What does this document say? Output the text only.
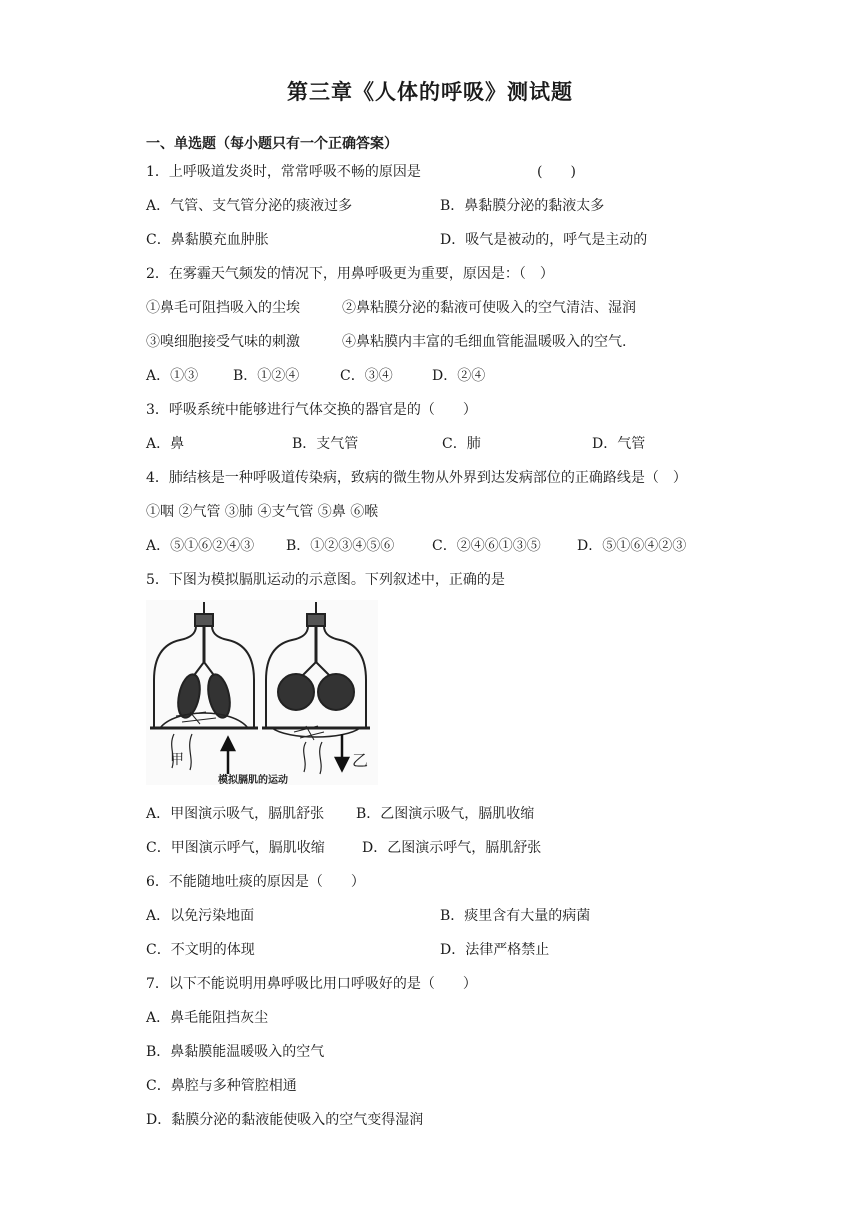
第三章《人体的呼吸》测试题
一、单选题（每小题只有一个正确答案）
1．上呼吸道发炎时，常常呼吸不畅的原因是	(　　)
A．气管、支气管分泌的痰液过多	B．鼻黏膜分泌的黏液太多
C．鼻黏膜充血肿胀	D．吸气是被动的，呼气是主动的
2．在雾霾天气频发的情况下，用鼻呼吸更为重要，原因是：（　）
①鼻毛可阻挡吸入的尘埃	②鼻粘膜分泌的黏液可使吸入的空气清洁、湿润
③嗅细胞接受气味的刺激	④鼻粘膜内丰富的毛细血管能温暖吸入的空气.
A．①③ B．①②④	C．③④	D．②④
3．呼吸系统中能够进行气体交换的器官是的（　　）
A．鼻	B．支气管	C．肺	D．气管
4．肺结核是一种呼吸道传染病，致病的微生物从外界到达发病部位的正确路线是（　）
①咽 ②气管 ③肺 ④支气管 ⑤鼻 ⑥喉
A．⑤①⑥②④③ B．①②③④⑤⑥	C．②④⑥①③⑤	D．⑤①⑥④②③
5．下图为模拟膈肌运动的示意图。下列叙述中，正确的是
甲	乙
模拟膈肌的运动
A．甲图演示吸气，膈肌舒张 B．乙图演示吸气，膈肌收缩
C．甲图演示呼气，膈肌收缩	D．乙图演示呼气，膈肌舒张
6．不能随地吐痰的原因是（　　）
A．以免污染地面	B．痰里含有大量的病菌
C．不文明的体现	D．法律严格禁止
7．以下不能说明用鼻呼吸比用口呼吸好的是（　　）
A．鼻毛能阻挡灰尘
B．鼻黏膜能温暖吸入的空气
C．鼻腔与多种管腔相通
D．黏膜分泌的黏液能使吸入的空气变得湿润
